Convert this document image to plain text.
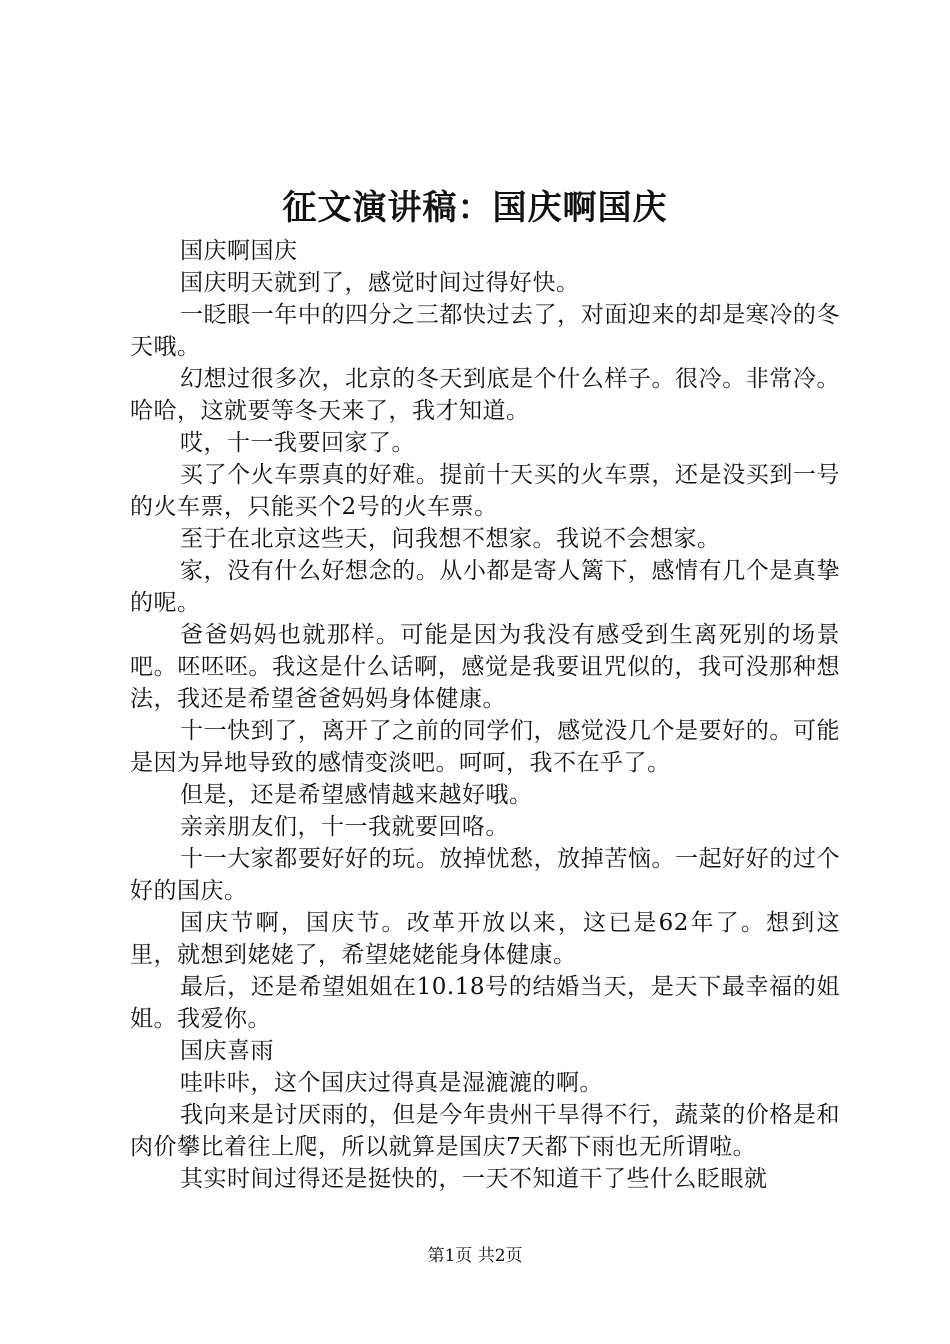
征文演讲稿：国庆啊国庆

国庆啊国庆

国庆明天就到了，感觉时间过得好快。

一眨眼一年中的四分之三都快过去了，对面迎来的却是寒冷的冬天哦。

幻想过很多次，北京的冬天到底是个什么样子。很冷。非常冷。哈哈，这就要等冬天来了，我才知道。

哎，十一我要回家了。

买了个火车票真的好难。提前十天买的火车票，还是没买到一号的火车票，只能买个2号的火车票。

至于在北京这些天，问我想不想家。我说不会想家。

家，没有什么好想念的。从小都是寄人篱下，感情有几个是真挚的呢。

爸爸妈妈也就那样。可能是因为我没有感受到生离死别的场景吧。呸呸呸。我这是什么话啊，感觉是我要诅咒似的，我可没那种想法，我还是希望爸爸妈妈身体健康。

十一快到了，离开了之前的同学们，感觉没几个是要好的。可能是因为异地导致的感情变淡吧。呵呵，我不在乎了。

但是，还是希望感情越来越好哦。

亲亲朋友们，十一我就要回咯。

十一大家都要好好的玩。放掉忧愁，放掉苦恼。一起好好的过个好的国庆。

国庆节啊，国庆节。改革开放以来，这已是62年了。想到这里，就想到姥姥了，希望姥姥能身体健康。

最后，还是希望姐姐在10.18号的结婚当天，是天下最幸福的姐姐。我爱你。

国庆喜雨

哇咔咔，这个国庆过得真是湿漉漉的啊。

我向来是讨厌雨的，但是今年贵州干旱得不行，蔬菜的价格是和肉价攀比着往上爬，所以就算是国庆7天都下雨也无所谓啦。

其实时间过得还是挺快的，一天不知道干了些什么眨眼就

第1页 共2页
